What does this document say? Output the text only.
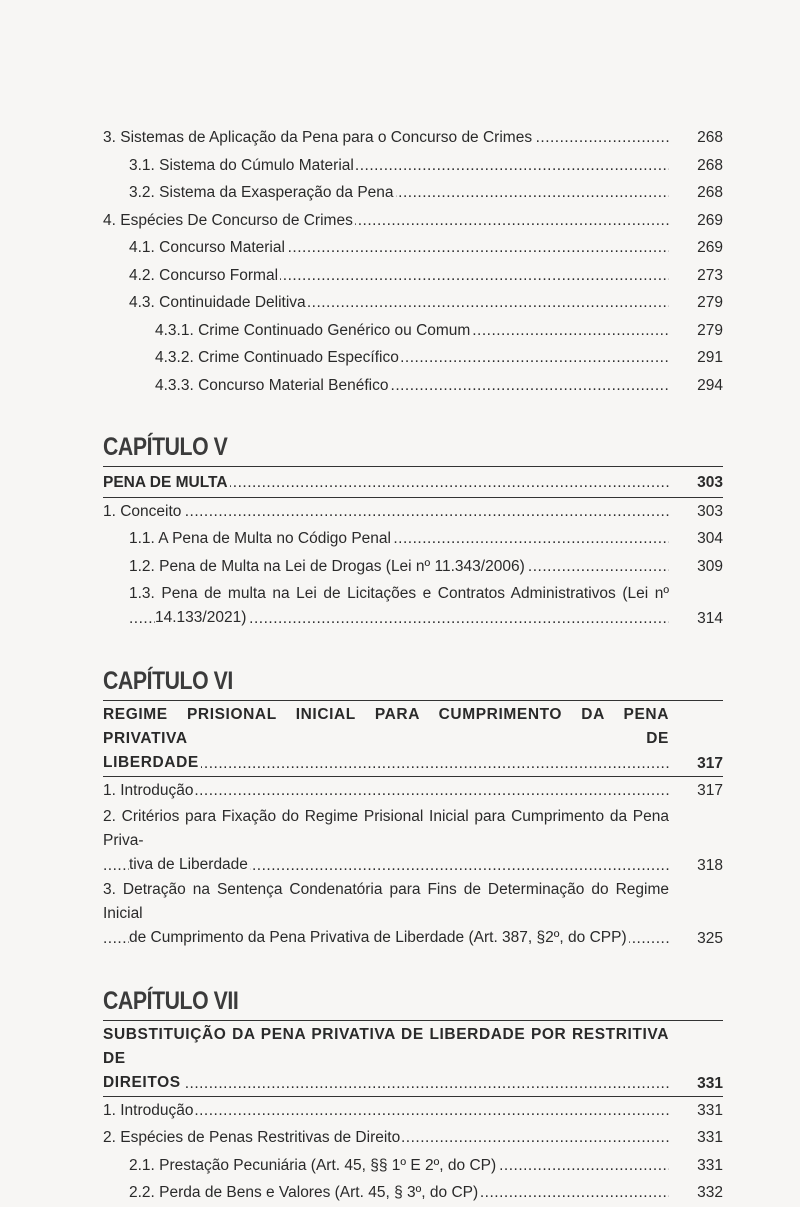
3. Sistemas de Aplicação da Pena para o Concurso de Crimes .....	268
3.1. Sistema do Cúmulo Material .....	268
3.2. Sistema da Exasperação da Pena .....	268
4. Espécies De Concurso de Crimes .....	269
4.1. Concurso Material .....	269
4.2. Concurso Formal .....	273
4.3. Continuidade Delitiva .....	279
4.3.1. Crime Continuado Genérico ou Comum .....	279
4.3.2. Crime Continuado Específico .....	291
4.3.3. Concurso Material Benéfico .....	294
CAPÍTULO V
PENA DE MULTA .....	303
1. Conceito .....	303
1.1. A Pena de Multa no Código Penal .....	304
1.2. Pena de Multa na Lei de Drogas (Lei nº 11.343/2006) .....	309
1.3. Pena de multa na Lei de Licitações e Contratos Administrativos (Lei nº
14.133/2021) .....	314
CAPÍTULO VI
REGIME PRISIONAL INICIAL PARA CUMPRIMENTO DA PENA PRIVATIVA DE
LIBERDADE .....	317
1. Introdução .....	317
2. Critérios para Fixação do Regime Prisional Inicial para Cumprimento da Pena Priva-
tiva de Liberdade .....	318
3. Detração na Sentença Condenatória para Fins de Determinação do Regime Inicial
de Cumprimento da Pena Privativa de Liberdade (Art. 387, §2º, do CPP) .....	325
CAPÍTULO VII
SUBSTITUIÇÃO DA PENA PRIVATIVA DE LIBERDADE POR RESTRITIVA DE
DIREITOS .....	331
1. Introdução .....	331
2. Espécies de Penas Restritivas de Direito .....	331
2.1. Prestação Pecuniária (Art. 45, §§ 1º E 2º, do CP) .....	331
2.2. Perda de Bens e Valores (Art. 45, § 3º, do CP) .....	332
